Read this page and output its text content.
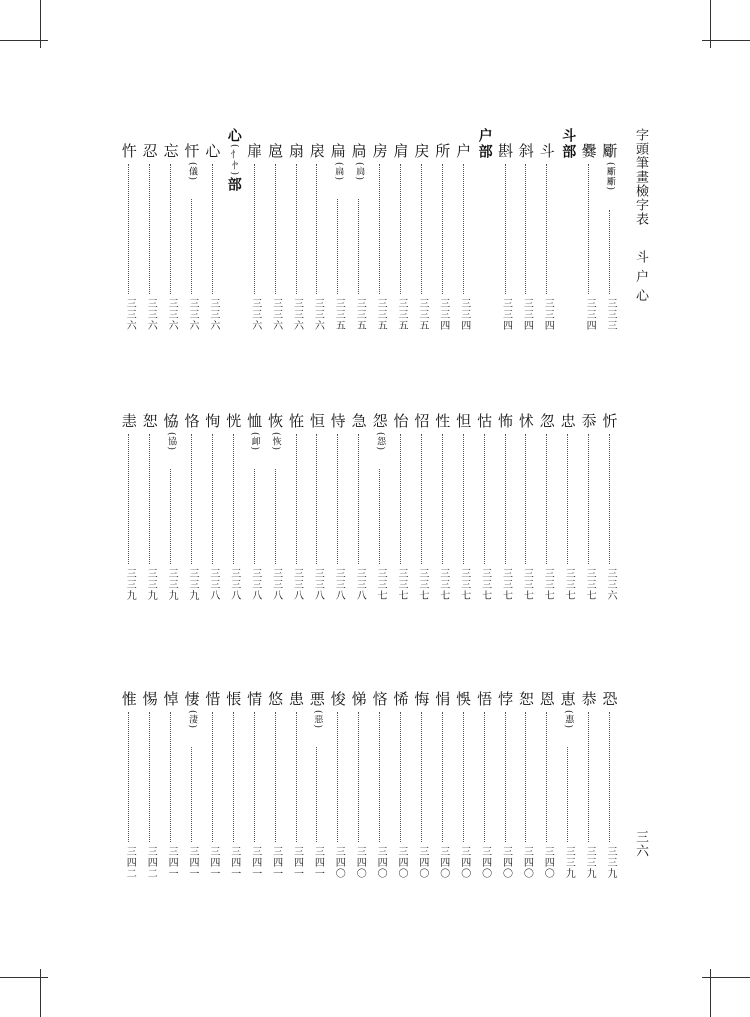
字頭筆畫檢字表  斗 户 心
三六
斸
(斸斸)
三三三
爨
三三四
斗部
斗
三三四
斜
三三四
斟
三三四
户部
户
三三四
所
三三四
戻
三三五
肩
三三五
房
三三五
扃
(扃)
三三五
扁
(扁)
三三五
扆
三三六
扇
三三六
扈
三三六
扉
三三六
心(忄㣺)部
心
三三六
忓
(儀)
三三六
忘
三三六
忍
三三六
忤
三三六
忻
三三六
忝
三三七
忠
三三七
忽
三三七
怵
三三七
怖
三三七
怙
三三七
怛
三三七
性
三三七
怊
三三七
怡
三三七
怨
(怨)
三三七
急
三三八
恃
三三八
恒
三三八
恠
三三八
恢
(恢)
三三八
恤
(卹)
三三八
恍
三三八
恂
三三八
恪
三三九
恊
(協)
三三九
恕
三三九
恚
三三九
恐
三三九
恭
三三九
恵
(惠)
三三九
恩
三四〇
恕
三四〇
悖
三四〇
悟
三四〇
悞
三四〇
悁
三四〇
悔
三四〇
悕
三四〇
悋
三四〇
悌
三四〇
悛
三四〇
悪
(惡)
三四一
患
三四一
悠
三四一
情
三四一
悵
三四一
惜
三四一
悽
(淒)
三四一
悼
三四一
惕
三四二
惟
三四二
